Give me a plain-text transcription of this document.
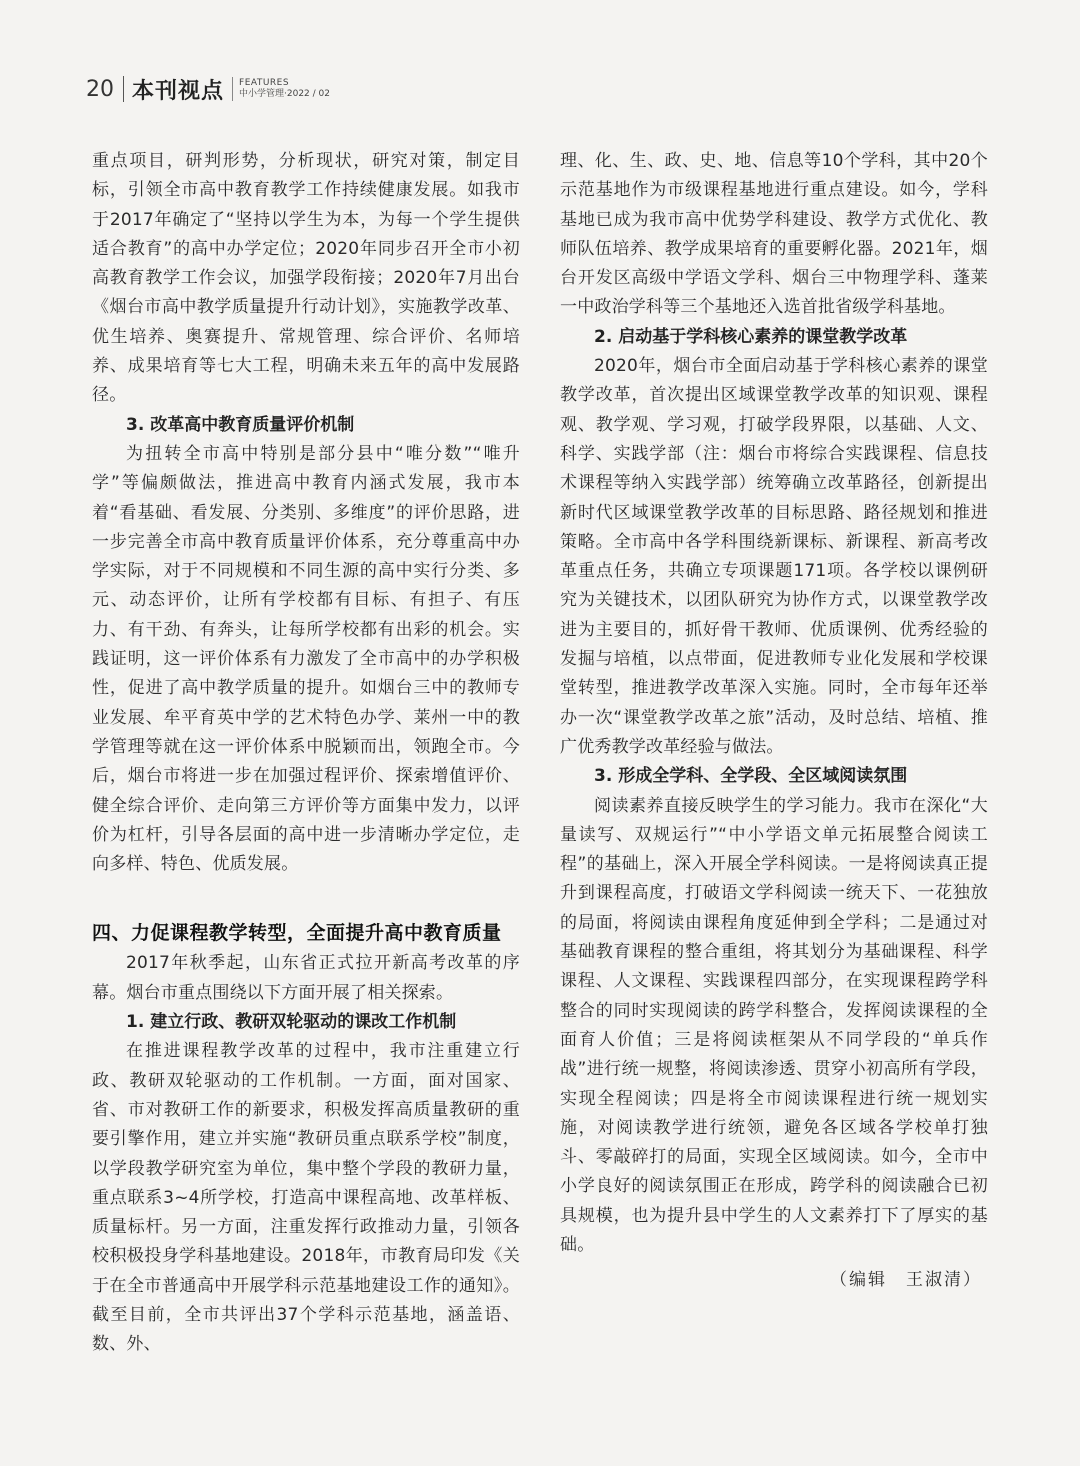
20 本刊视点 FEATURES
中小学管理·2022 / 02

重点项目，研判形势，分析现状，研究对策，制定目标，引领全市高中教育教学工作持续健康发展。如我市于2017年确定了“坚持以学生为本，为每一个学生提供适合教育”的高中办学定位；2020年同步召开全市小初高教育教学工作会议，加强学段衔接；2020年7月出台《烟台市高中教学质量提升行动计划》，实施教学改革、优生培养、奥赛提升、常规管理、综合评价、名师培养、成果培育等七大工程，明确未来五年的高中发展路径。

3. 改革高中教育质量评价机制

为扭转全市高中特别是部分县中“唯分数”“唯升学”等偏颇做法，推进高中教育内涵式发展，我市本着“看基础、看发展、分类别、多维度”的评价思路，进一步完善全市高中教育质量评价体系，充分尊重高中办学实际，对于不同规模和不同生源的高中实行分类、多元、动态评价，让所有学校都有目标、有担子、有压力、有干劲、有奔头，让每所学校都有出彩的机会。实践证明，这一评价体系有力激发了全市高中的办学积极性，促进了高中教学质量的提升。如烟台三中的教师专业发展、牟平育英中学的艺术特色办学、莱州一中的教学管理等就在这一评价体系中脱颖而出，领跑全市。今后，烟台市将进一步在加强过程评价、探索增值评价、健全综合评价、走向第三方评价等方面集中发力，以评价为杠杆，引导各层面的高中进一步清晰办学定位，走向多样、特色、优质发展。

四、力促课程教学转型，全面提升高中教育质量

2017年秋季起，山东省正式拉开新高考改革的序幕。烟台市重点围绕以下方面开展了相关探索。

1. 建立行政、教研双轮驱动的课改工作机制

在推进课程教学改革的过程中，我市注重建立行政、教研双轮驱动的工作机制。一方面，面对国家、省、市对教研工作的新要求，积极发挥高质量教研的重要引擎作用，建立并实施“教研员重点联系学校”制度，以学段教学研究室为单位，集中整个学段的教研力量，重点联系3~4所学校，打造高中课程高地、改革样板、质量标杆。另一方面，注重发挥行政推动力量，引领各校积极投身学科基地建设。2018年，市教育局印发《关于在全市普通高中开展学科示范基地建设工作的通知》。截至目前，全市共评出37个学科示范基地，涵盖语、数、外、

理、化、生、政、史、地、信息等10个学科，其中20个示范基地作为市级课程基地进行重点建设。如今，学科基地已成为我市高中优势学科建设、教学方式优化、教师队伍培养、教学成果培育的重要孵化器。2021年，烟台开发区高级中学语文学科、烟台三中物理学科、蓬莱一中政治学科等三个基地还入选首批省级学科基地。

2. 启动基于学科核心素养的课堂教学改革

2020年，烟台市全面启动基于学科核心素养的课堂教学改革，首次提出区域课堂教学改革的知识观、课程观、教学观、学习观，打破学段界限，以基础、人文、科学、实践学部（注：烟台市将综合实践课程、信息技术课程等纳入实践学部）统筹确立改革路径，创新提出新时代区域课堂教学改革的目标思路、路径规划和推进策略。全市高中各学科围绕新课标、新课程、新高考改革重点任务，共确立专项课题171项。各学校以课例研究为关键技术，以团队研究为协作方式，以课堂教学改进为主要目的，抓好骨干教师、优质课例、优秀经验的发掘与培植，以点带面，促进教师专业化发展和学校课堂转型，推进教学改革深入实施。同时，全市每年还举办一次“课堂教学改革之旅”活动，及时总结、培植、推广优秀教学改革经验与做法。

3. 形成全学科、全学段、全区域阅读氛围

阅读素养直接反映学生的学习能力。我市在深化“大量读写、双规运行”“中小学语文单元拓展整合阅读工程”的基础上，深入开展全学科阅读。一是将阅读真正提升到课程高度，打破语文学科阅读一统天下、一花独放的局面，将阅读由课程角度延伸到全学科；二是通过对基础教育课程的整合重组，将其划分为基础课程、科学课程、人文课程、实践课程四部分，在实现课程跨学科整合的同时实现阅读的跨学科整合，发挥阅读课程的全面育人价值；三是将阅读框架从不同学段的“单兵作战”进行统一规整，将阅读渗透、贯穿小初高所有学段，实现全程阅读；四是将全市阅读课程进行统一规划实施，对阅读教学进行统领，避免各区域各学校单打独斗、零敲碎打的局面，实现全区域阅读。如今，全市中小学良好的阅读氛围正在形成，跨学科的阅读融合已初具规模，也为提升县中学生的人文素养打下了厚实的基础。

（编辑　王淑清）
